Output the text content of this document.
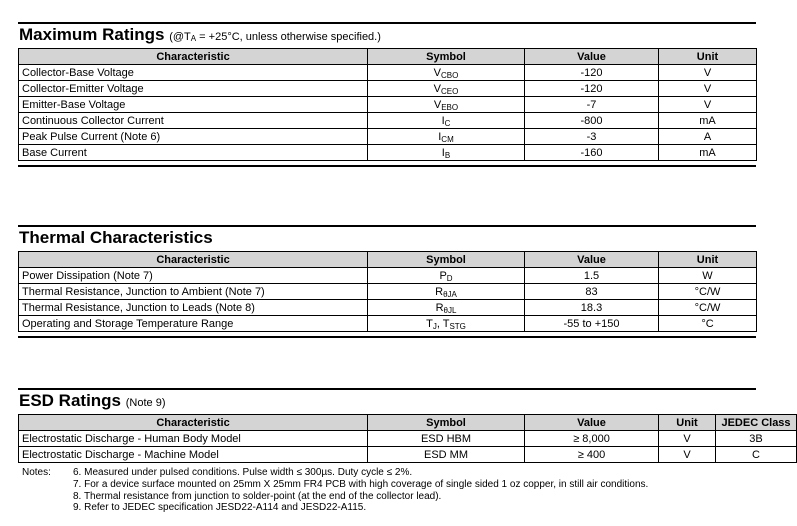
Maximum Ratings (@TA = +25°C, unless otherwise specified.)
Characteristic	Symbol	Value	Unit
Collector-Base Voltage	$V_{CBO}$	-120	V
Collector-Emitter Voltage	$V_{CEO}$	-120	V
Emitter-Base Voltage	$V_{EBO}$	-7	V
Continuous Collector Current	$I_C$	-800	mA
Peak Pulse Current (Note 6)	$I_{CM}$	-3	A
Base Current	$I_B$	-160	mA
Thermal Characteristics
Characteristic	Symbol	Value	Unit
Power Dissipation (Note 7)	$P_D$	1.5	W
Thermal Resistance, Junction to Ambient (Note 7)	$R_{\theta JA}$	83	°C/W
Thermal Resistance, Junction to Leads (Note 8)	$R_{\theta JL}$	18.3	°C/W
Operating and Storage Temperature Range	$T_J$, $T_{STG}$	-55 to +150	°C
ESD Ratings (Note 9)
Characteristic	Symbol	Value	Unit	JEDEC Class
Electrostatic Discharge - Human Body Model	ESD HBM	≥ 8,000	V	3B
Electrostatic Discharge - Machine Model	ESD MM	≥ 400	V	C
Notes:	6. Measured under pulsed conditions. Pulse width ≤ 300µs. Duty cycle ≤ 2%.
7. For a device surface mounted on 25mm X 25mm FR4 PCB with high coverage of single sided 1 oz copper, in still air conditions.
8. Thermal resistance from junction to solder-point (at the end of the collector lead).
9. Refer to JEDEC specification JESD22-A114 and JESD22-A115.
